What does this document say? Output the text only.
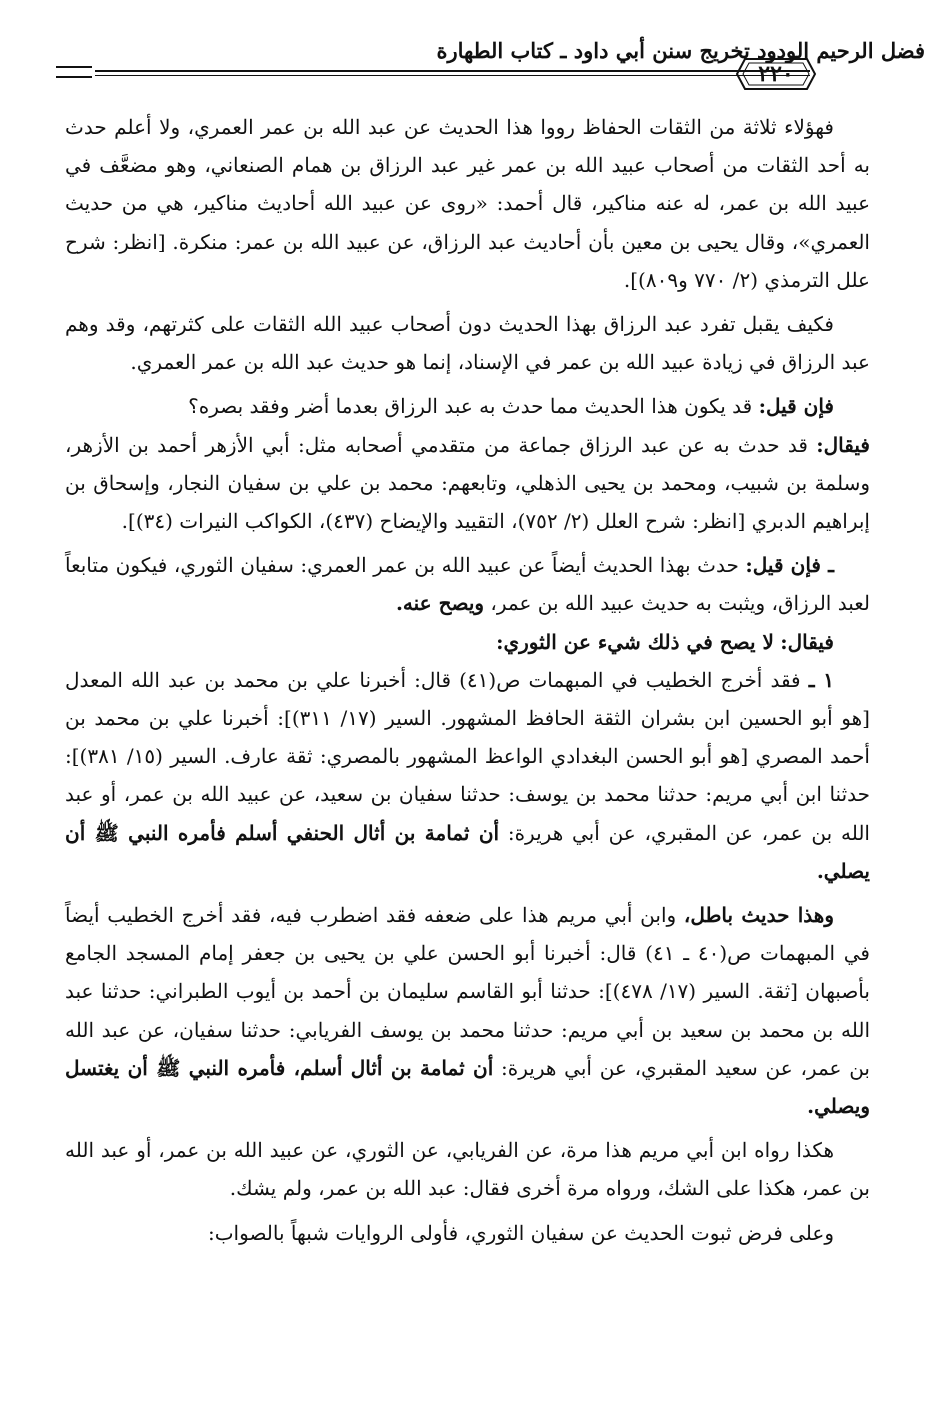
فضل الرحيم الودود تخريج سنن أبي داود ـ كتاب الطهارة
٢٢٠

فهؤلاء ثلاثة من الثقات الحفاظ رووا هذا الحديث عن عبد الله بن عمر العمري، ولا أعلم حدث به أحد الثقات من أصحاب عبيد الله بن عمر غير عبد الرزاق بن همام الصنعاني، وهو مضعَّف في عبيد الله بن عمر، له عنه مناكير، قال أحمد: «روى عن عبيد الله أحاديث مناكير، هي من حديث العمري»، وقال يحيى بن معين بأن أحاديث عبد الرزاق، عن عبيد الله بن عمر: منكرة. [انظر: شرح علل الترمذي (٢/ ٧٧٠ و٨٠٩)].

فكيف يقبل تفرد عبد الرزاق بهذا الحديث دون أصحاب عبيد الله الثقات على كثرتهم، وقد وهم عبد الرزاق في زيادة عبيد الله بن عمر في الإسناد، إنما هو حديث عبد الله بن عمر العمري.

فإن قيل: قد يكون هذا الحديث مما حدث به عبد الرزاق بعدما أضر وفقد بصره؟

فيقال: قد حدث به عن عبد الرزاق جماعة من متقدمي أصحابه مثل: أبي الأزهر أحمد بن الأزهر، وسلمة بن شبيب، ومحمد بن يحيى الذهلي، وتابعهم: محمد بن علي بن سفيان النجار، وإسحاق بن إبراهيم الدبري [انظر: شرح العلل (٢/ ٧٥٢)، التقييد والإيضاح (٤٣٧)، الكواكب النيرات (٣٤)].

ـ فإن قيل: حدث بهذا الحديث أيضاً عن عبيد الله بن عمر العمري: سفيان الثوري، فيكون متابعاً لعبد الرزاق، ويثبت به حديث عبيد الله بن عمر، ويصح عنه.

فيقال: لا يصح في ذلك شيء عن الثوري:

١ ـ فقد أخرج الخطيب في المبهمات ص(٤١) قال: أخبرنا علي بن محمد بن عبد الله المعدل [هو أبو الحسين ابن بشران الثقة الحافظ المشهور. السير (١٧/ ٣١١)]: أخبرنا علي بن محمد بن أحمد المصري [هو أبو الحسن البغدادي الواعظ المشهور بالمصري: ثقة عارف. السير (١٥/ ٣٨١)]: حدثنا ابن أبي مريم: حدثنا محمد بن يوسف: حدثنا سفيان بن سعيد، عن عبيد الله بن عمر، أو عبد الله بن عمر، عن المقبري، عن أبي هريرة: أن ثمامة بن أثال الحنفي أسلم فأمره النبي ﷺ أن يصلي.

وهذا حديث باطل، وابن أبي مريم هذا على ضعفه فقد اضطرب فيه، فقد أخرج الخطيب أيضاً في المبهمات ص(٤٠ ـ ٤١) قال: أخبرنا أبو الحسن علي بن يحيى بن جعفر إمام المسجد الجامع بأصبهان [ثقة. السير (١٧/ ٤٧٨)]: حدثنا أبو القاسم سليمان بن أحمد بن أيوب الطبراني: حدثنا عبد الله بن محمد بن سعيد بن أبي مريم: حدثنا محمد بن يوسف الفريابي: حدثنا سفيان، عن عبد الله بن عمر، عن سعيد المقبري، عن أبي هريرة: أن ثمامة بن أثال أسلم، فأمره النبي ﷺ أن يغتسل ويصلي.

هكذا رواه ابن أبي مريم هذا مرة، عن الفريابي، عن الثوري، عن عبيد الله بن عمر، أو عبد الله بن عمر، هكذا على الشك، ورواه مرة أخرى فقال: عبد الله بن عمر، ولم يشك.

وعلى فرض ثبوت الحديث عن سفيان الثوري، فأولى الروايات شبهاً بالصواب:
